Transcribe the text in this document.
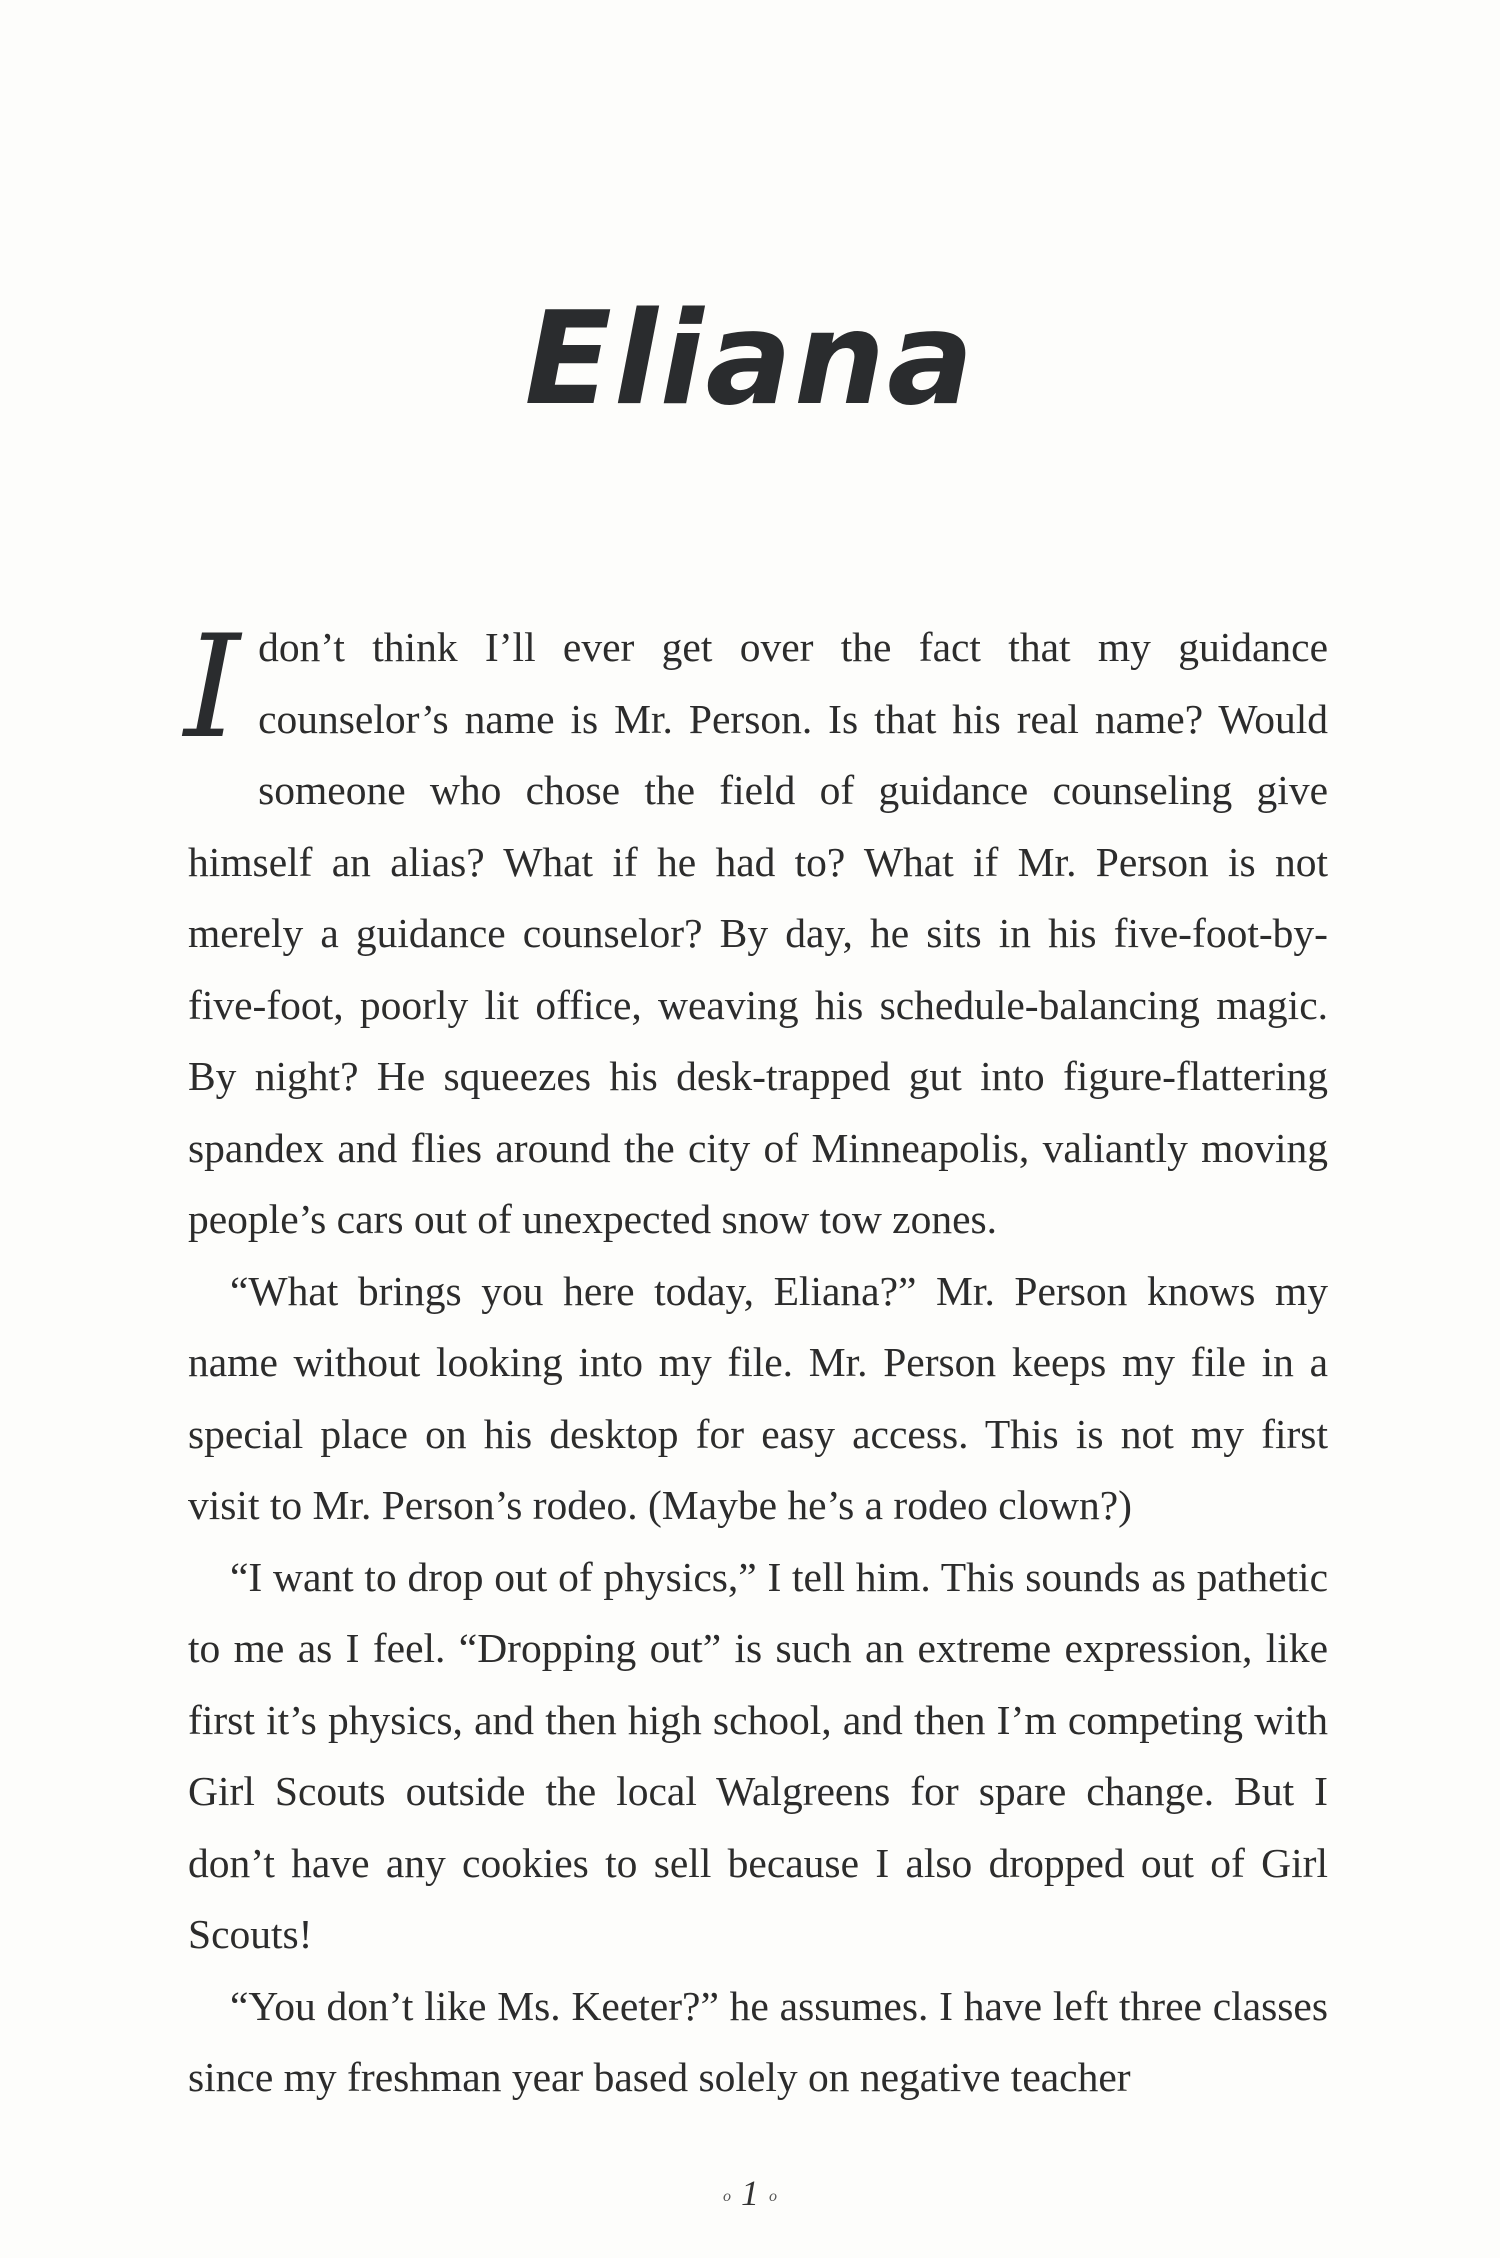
Eliana

Idon’t think I’ll ever get over the fact that my guidance counselor’s name is Mr. Person. Is that his real name? Would someone who chose the field of guidance counseling give himself an alias? What if he had to? What if Mr. Person is not merely a guidance counselor? By day, he sits in his five-foot-by-five-foot, poorly lit office, weaving his schedule-balancing magic. By night? He squeezes his desk-trapped gut into figure-flattering spandex and flies around the city of Minneapolis, valiantly moving people’s cars out of unexpected snow tow zones.

“What brings you here today, Eliana?” Mr. Person knows my name without looking into my file. Mr. Person keeps my file in a special place on his desktop for easy access. This is not my first visit to Mr. Person’s rodeo. (Maybe he’s a rodeo clown?)

“I want to drop out of physics,” I tell him. This sounds as pathetic to me as I feel. “Dropping out” is such an extreme expression, like first it’s physics, and then high school, and then I’m competing with Girl Scouts outside the local Walgreens for spare change. But I don’t have any cookies to sell because I also dropped out of Girl Scouts!

“You don’t like Ms. Keeter?” he assumes. I have left three classes since my freshman year based solely on negative teacher

o 1 o
